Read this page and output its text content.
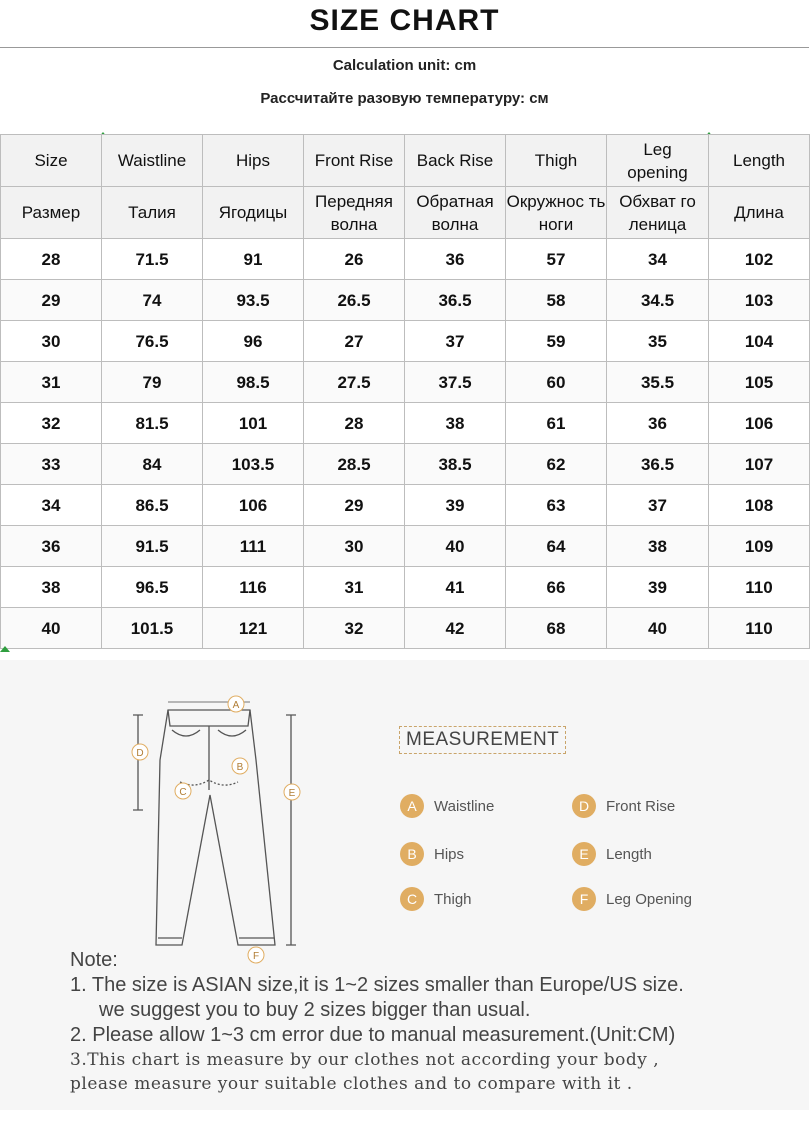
SIZE CHART
Calculation unit: cm
Рассчитайте разовую температуру: см
Size	Waistline	Hips	Front Rise	Back Rise	Thigh	Leg opening	Length
Размер	Талия	Ягодицы	Передняя волна	Обратная волна	Окружнос ть ноги	Обхват го леница	Длина
28	71.5	91	26	36	57	34	102
29	74	93.5	26.5	36.5	58	34.5	103
30	76.5	96	27	37	59	35	104
31	79	98.5	27.5	37.5	60	35.5	105
32	81.5	101	28	38	61	36	106
33	84	103.5	28.5	38.5	62	36.5	107
34	86.5	106	29	39	63	37	108
36	91.5	111	30	40	64	38	109
38	96.5	116	31	41	66	39	110
40	101.5	121	32	42	68	40	110
A
B
C
D
E
F
MEASUREMENT
A	Waistline
B	Hips
C	Thigh
D	Front Rise
E	Length
F	Leg Opening
Note:
1. The size is ASIAN size,it is 1~2 sizes smaller than Europe/US size.
we suggest you to buy 2 sizes bigger than usual.
2. Please allow 1~3 cm error due to manual measurement.(Unit:CM)
3.This chart is measure by our clothes not according your body ,
please measure your suitable clothes and to compare with it .
